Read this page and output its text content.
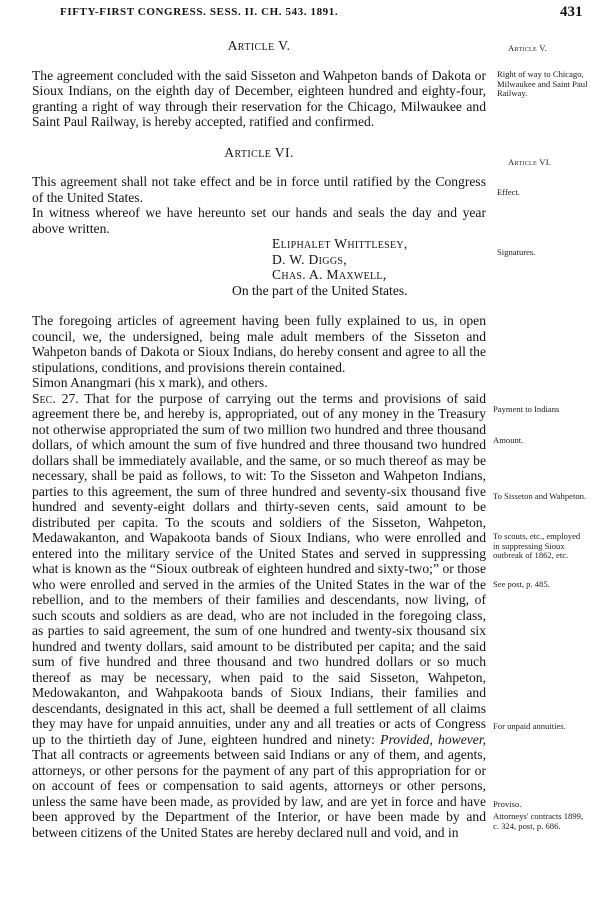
FIFTY-FIRST CONGRESS. SESS. II. CH. 543. 1891.	431
Article V.

The agreement concluded with the said Sisseton and Wahpeton bands of Dakota or Sioux Indians, on the eighth day of December, eighteen hundred and eighty-four, granting a right of way through their reservation for the Chicago, Milwaukee and Saint Paul Railway, is hereby accepted, ratified and confirmed.

Article VI.

This agreement shall not take effect and be in force until ratified by the Congress of the United States.

In witness whereof we have hereunto set our hands and seals the day and year above written.

Eliphalet Whittlesey,
D. W. Diggs,
Chas. A. Maxwell,
On the part of the United States.

The foregoing articles of agreement having been fully explained to us, in open council, we, the undersigned, being male adult members of the Sisseton and Wahpeton bands of Dakota or Sioux Indians, do hereby consent and agree to all the stipulations, conditions, and provisions therein contained.

Simon Anangmari (his x mark), and others.

Sec. 27. That for the purpose of carrying out the terms and provisions of said agreement there be, and hereby is, appropriated, out of any money in the Treasury not otherwise appropriated the sum of two million two hundred and three thousand dollars, of which amount the sum of five hundred and three thousand two hundred dollars shall be immediately available, and the same, or so much thereof as may be necessary, shall be paid as follows, to wit: To the Sisseton and Wahpeton Indians, parties to this agreement, the sum of three hundred and seventy-six thousand five hundred and seventy-eight dollars and thirty-seven cents, said amount to be distributed per capita. To the scouts and soldiers of the Sisseton, Wahpeton, Medawakanton, and Wapakoota bands of Sioux Indians, who were enrolled and entered into the military service of the United States and served in suppressing what is known as the “Sioux outbreak of eighteen hundred and sixty-two;” or those who were enrolled and served in the armies of the United States in the war of the rebellion, and to the members of their families and descendants, now living, of such scouts and soldiers as are dead, who are not included in the foregoing class, as parties to said agreement, the sum of one hundred and twenty-six thousand six hundred and twenty dollars, said amount to be distributed per capita; and the said sum of five hundred and three thousand and two hundred dollars or so much thereof as may be necessary, when paid to the said Sisseton, Wahpeton, Medowakanton, and Wahpakoota bands of Sioux Indians, their families and descendants, designated in this act, shall be deemed a full settlement of all claims they may have for unpaid annuities, under any and all treaties or acts of Congress up to the thirtieth day of June, eighteen hundred and ninety: Provided, however, That all contracts or agreements between said Indians or any of them, and agents, attorneys, or other persons for the payment of any part of this appropriation for or on account of fees or compensation to said agents, attorneys or other persons, unless the same have been made, as provided by law, and are yet in force and have been approved by the Department of the Interior, or have been made by and between citizens of the United States are hereby declared null and void, and in

Article V.
Right of way to Chicago, Milwaukee and Saint Paul Railway.
Article VI.
Effect.
Signatures.
Payment to Indians
Amount.
To Sisseton and Wahpeton.
To scouts, etc., employed in suppressing Sioux outbreak of 1862, etc.
See post, p. 485.
For unpaid annuities.
Proviso.
Attorneys' contracts 1899, c. 324, post, p. 686.
